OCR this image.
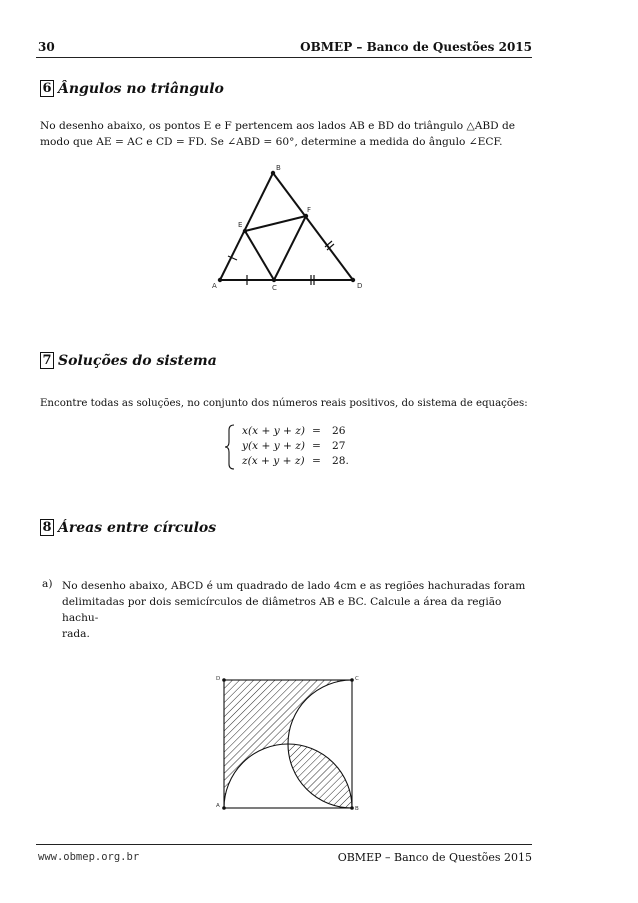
30	OBMEP – Banco de Questões 2015
6 Ângulos no triângulo
No desenho abaixo, os pontos E e F pertencem aos lados AB e BD do triângulo △ABD de
modo que AE = AC e CD = FD. Se ∠ABD = 60°, determine a medida do ângulo ∠ECF.
A
B
C	D
E
F
7 Soluções do sistema
Encontre todas as soluções, no conjunto dos números reais positivos, do sistema de equações:
x(x + y + z) = 26
y(x + y + z) = 27
z(x + y + z) = 28.
8 Áreas entre círculos
a) No desenho abaixo, ABCD é um quadrado de lado 4cm e as regiões hachuradas foram
delimitadas por dois semicírculos de diâmetros AB e BC. Calcule a área da região hachu-
rada.
A	B
C
D
www.obmep.org.br	OBMEP – Banco de Questões 2015
